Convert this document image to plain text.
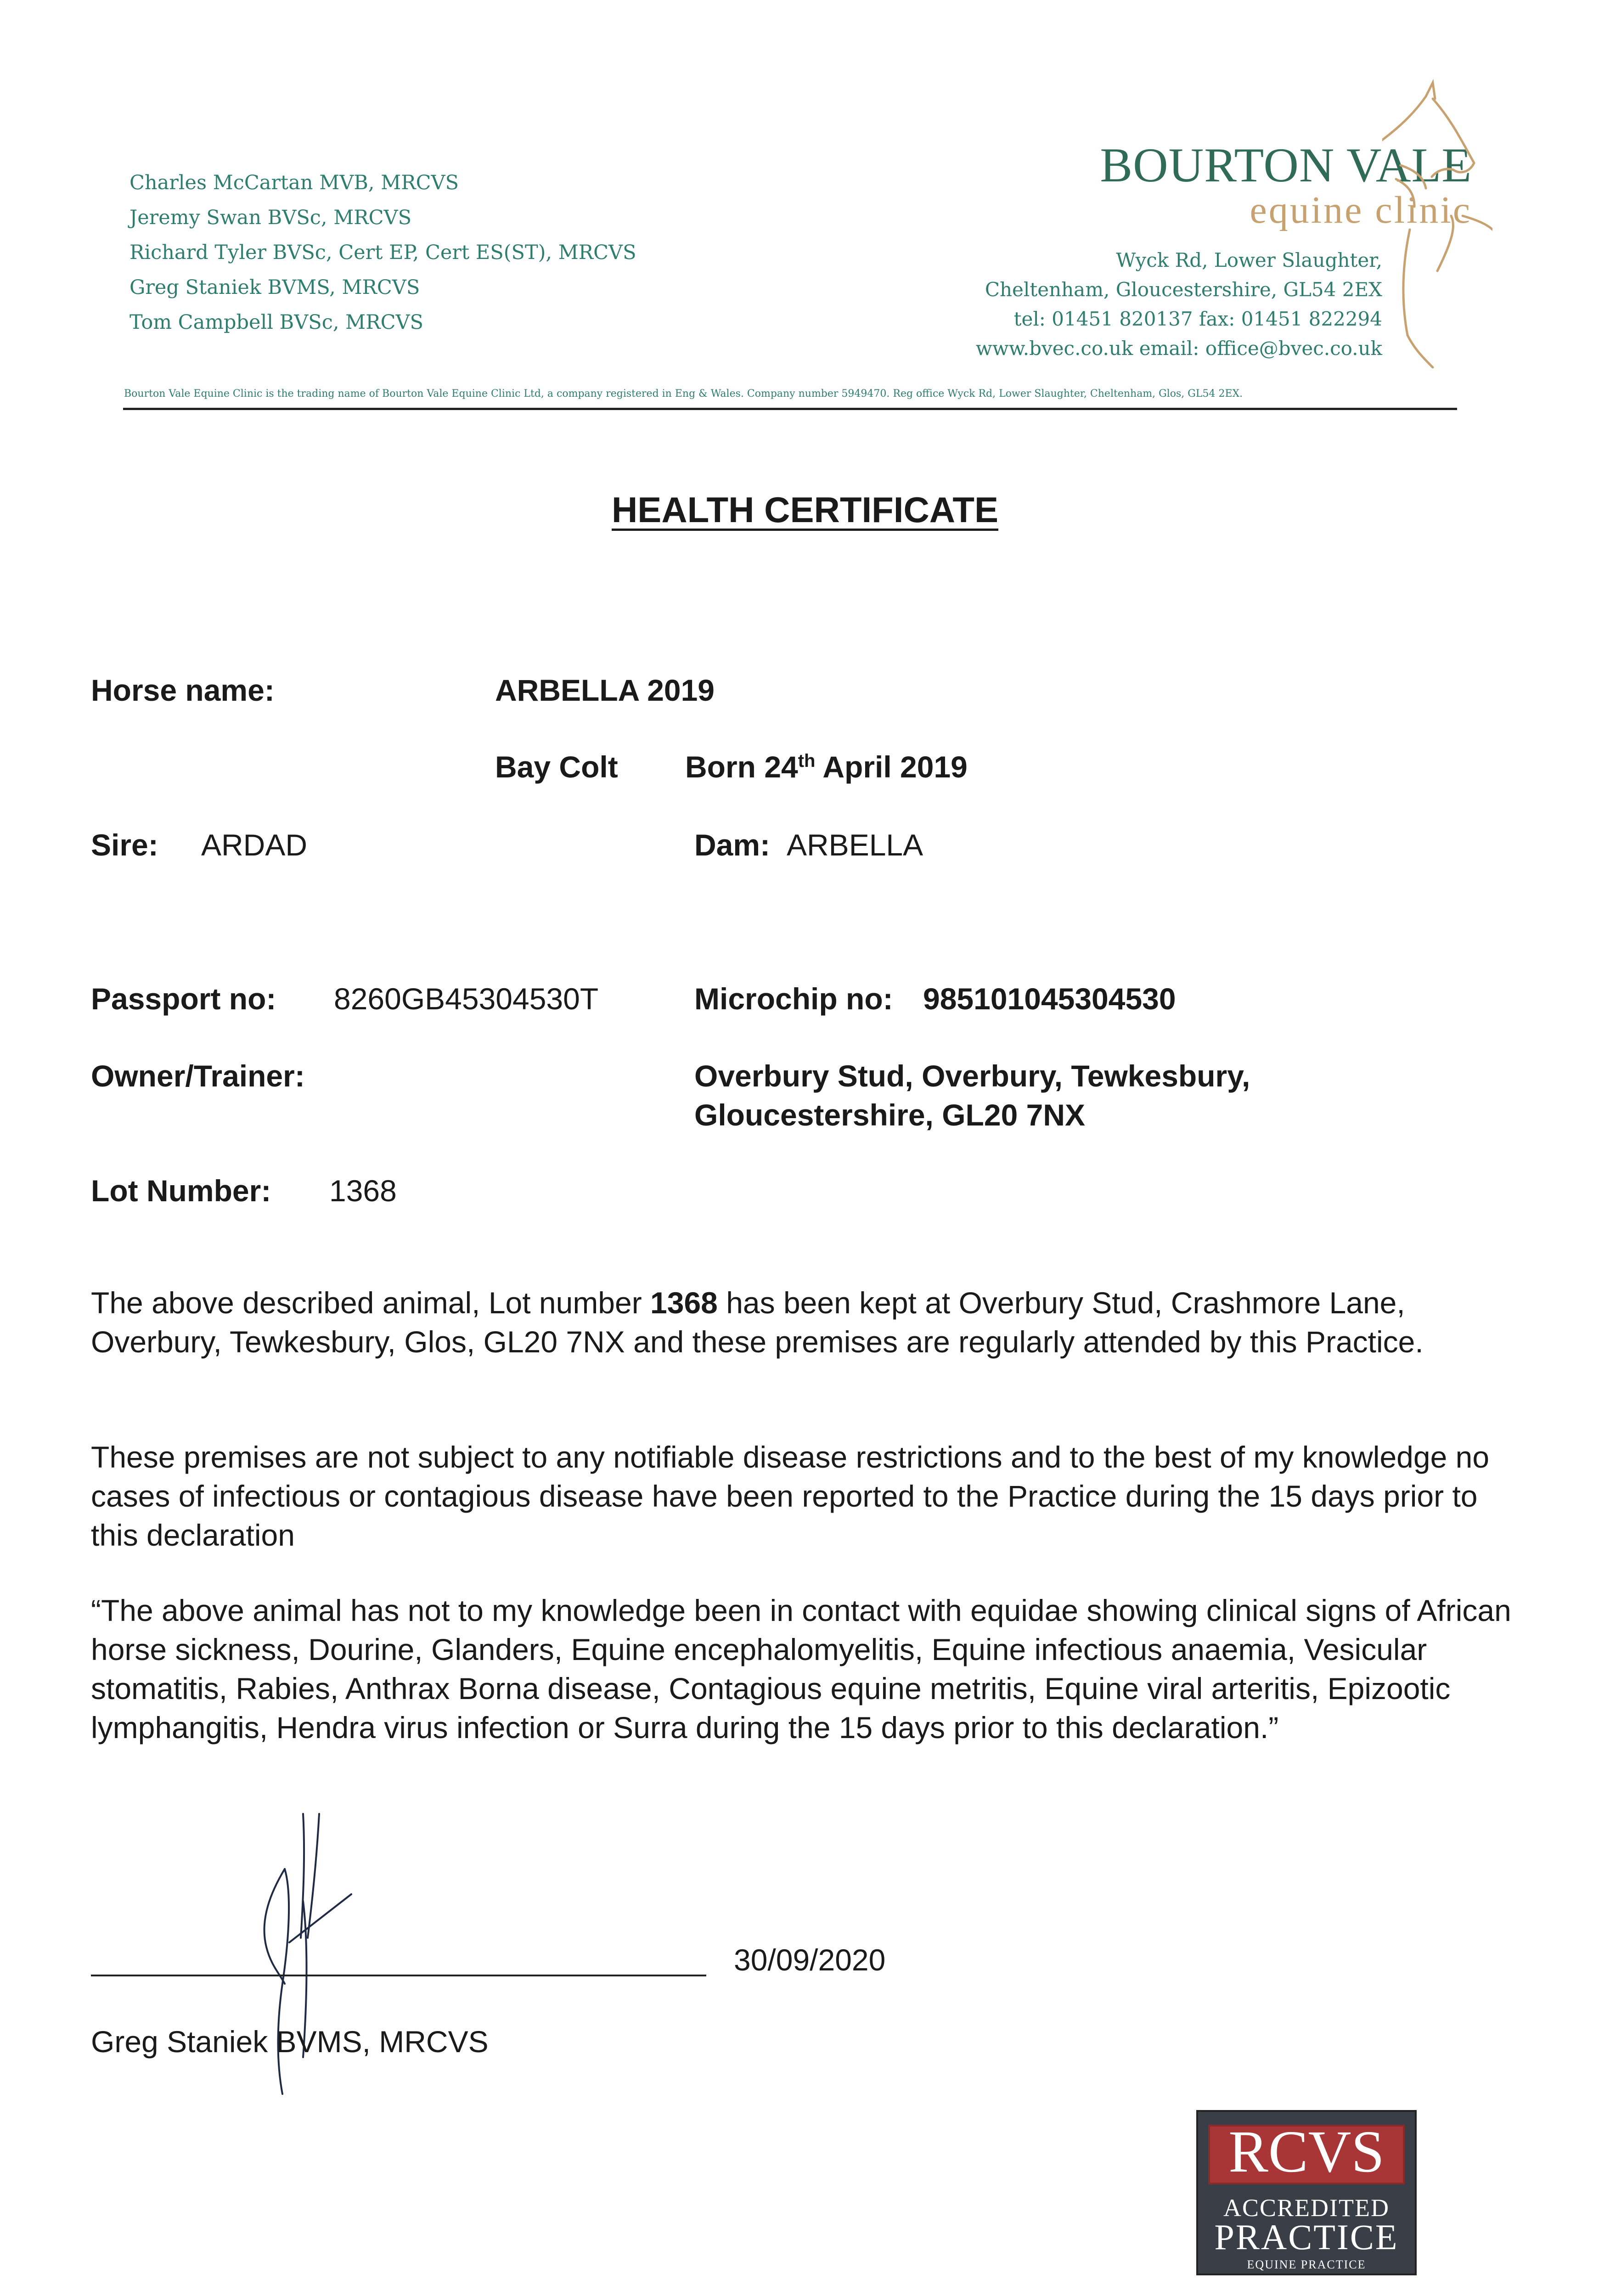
Charles McCartan MVB, MRCVS
Jeremy Swan BVSc, MRCVS
Richard Tyler BVSc, Cert EP, Cert ES(ST), MRCVS
Greg Staniek BVMS, MRCVS
Tom Campbell BVSc, MRCVS
BOURTON VALE
equine clinic
Wyck Rd, Lower Slaughter,
Cheltenham, Gloucestershire, GL54 2EX
tel: 01451 820137 fax: 01451 822294
www.bvec.co.uk email: office@bvec.co.uk
Bourton Vale Equine Clinic is the trading name of Bourton Vale Equine Clinic Ltd, a company registered in Eng & Wales. Company number 5949470. Reg office Wyck Rd, Lower Slaughter, Cheltenham, Glos, GL54 2EX.
HEALTH CERTIFICATE
Horse name:	ARBELLA 2019
Bay Colt Born 24th April 2019
Sire: ARDAD	Dam: ARBELLA
Passport no: 8260GB45304530T	Microchip no: 985101045304530
Owner/Trainer:	Overbury Stud, Overbury, Tewkesbury,
Gloucestershire, GL20 7NX
Lot Number: 1368
The above described animal, Lot number 1368 has been kept at Overbury Stud, Crashmore Lane, Overbury, Tewkesbury, Glos, GL20 7NX and these premises are regularly attended by this Practice.
These premises are not subject to any notifiable disease restrictions and to the best of my knowledge no cases of infectious or contagious disease have been reported to the Practice during the 15 days prior to this declaration
“The above animal has not to my knowledge been in contact with equidae showing clinical signs of African horse sickness, Dourine, Glanders, Equine encephalomyelitis, Equine infectious anaemia, Vesicular stomatitis, Rabies, Anthrax Borna disease, Contagious equine metritis, Equine viral arteritis, Epizootic lymphangitis, Hendra virus infection or Surra during the 15 days prior to this declaration.”
30/09/2020
Greg Staniek BVMS, MRCVS
RCVS
ACCREDITED
PRACTICE
EQUINE PRACTICE
